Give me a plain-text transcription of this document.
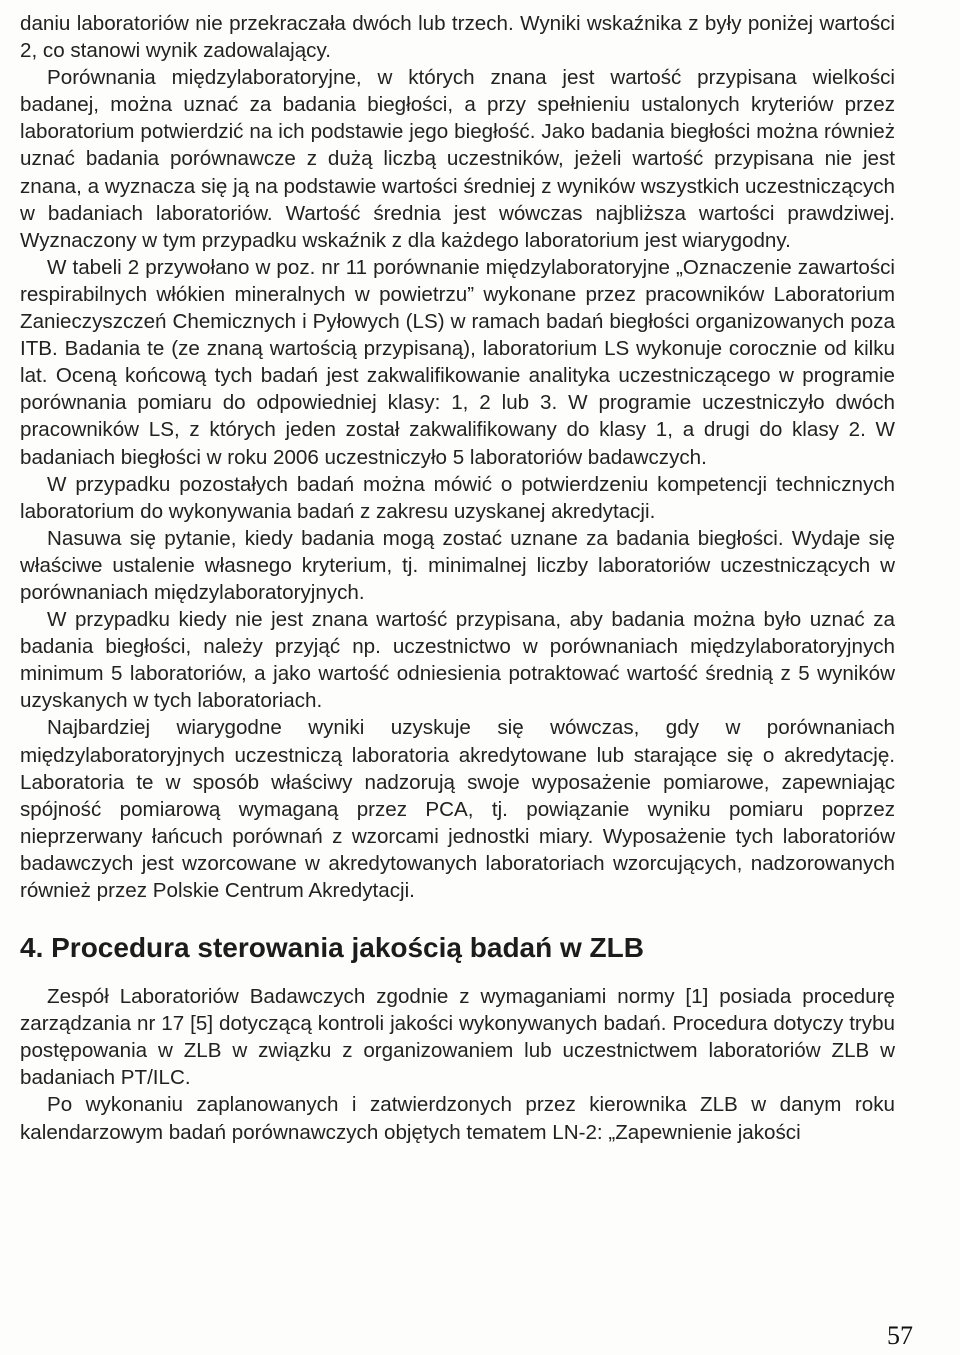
daniu laboratoriów nie przekraczała dwóch lub trzech. Wyniki wskaźnika z były poniżej wartości 2, co stanowi wynik zadowalający.

Porównania międzylaboratoryjne, w których znana jest wartość przypisana wielkości badanej, można uznać za badania biegłości, a przy spełnieniu ustalonych kryteriów przez laboratorium potwierdzić na ich podstawie jego biegłość. Jako badania biegłości można również uznać badania porównawcze z dużą liczbą uczestników, jeżeli wartość przypisana nie jest znana, a wyznacza się ją na podstawie wartości średniej z wyników wszystkich uczestniczących w badaniach laboratoriów. Wartość średnia jest wówczas najbliższa wartości prawdziwej. Wyznaczony w tym przypadku wskaźnik z dla każdego laboratorium jest wiarygodny.

W tabeli 2 przywołano w poz. nr 11 porównanie międzylaboratoryjne „Oznaczenie zawartości respirabilnych włókien mineralnych w powietrzu” wykonane przez pracowników Laboratorium Zanieczyszczeń Chemicznych i Pyłowych (LS) w ramach badań biegłości organizowanych poza ITB. Badania te (ze znaną wartością przypisaną), laboratorium LS wykonuje corocznie od kilku lat. Oceną końcową tych badań jest zakwalifikowanie analityka uczestniczącego w programie porównania pomiaru do odpowiedniej klasy: 1, 2 lub 3. W programie uczestniczyło dwóch pracowników LS, z których jeden został zakwalifikowany do klasy 1, a drugi do klasy 2. W badaniach biegłości w roku 2006 uczestniczyło 5 laboratoriów badawczych.

W przypadku pozostałych badań można mówić o potwierdzeniu kompetencji technicznych laboratorium do wykonywania badań z zakresu uzyskanej akredytacji.

Nasuwa się pytanie, kiedy badania mogą zostać uznane za badania biegłości. Wydaje się właściwe ustalenie własnego kryterium, tj. minimalnej liczby laboratoriów uczestniczących w porównaniach międzylaboratoryjnych.

W przypadku kiedy nie jest znana wartość przypisana, aby badania można było uznać za badania biegłości, należy przyjąć np. uczestnictwo w porównaniach międzylaboratoryjnych minimum 5 laboratoriów, a jako wartość odniesienia potraktować wartość średnią z 5 wyników uzyskanych w tych laboratoriach.

Najbardziej wiarygodne wyniki uzyskuje się wówczas, gdy w porównaniach międzylaboratoryjnych uczestniczą laboratoria akredytowane lub starające się o akredytację. Laboratoria te w sposób właściwy nadzorują swoje wyposażenie pomiarowe, zapewniając spójność pomiarową wymaganą przez PCA, tj. powiązanie wyniku pomiaru poprzez nieprzerwany łańcuch porównań z wzorcami jednostki miary. Wyposażenie tych laboratoriów badawczych jest wzorcowane w akredytowanych laboratoriach wzorcujących, nadzorowanych również przez Polskie Centrum Akredytacji.

4. Procedura sterowania jakością badań w ZLB

Zespół Laboratoriów Badawczych zgodnie z wymaganiami normy [1] posiada procedurę zarządzania nr 17 [5] dotyczącą kontroli jakości wykonywanych badań. Procedura dotyczy trybu postępowania w ZLB w związku z organizowaniem lub uczestnictwem laboratoriów ZLB w badaniach PT/ILC.

Po wykonaniu zaplanowanych i zatwierdzonych przez kierownika ZLB w danym roku kalendarzowym badań porównawczych objętych tematem LN-2: „Zapewnienie jakości

57
